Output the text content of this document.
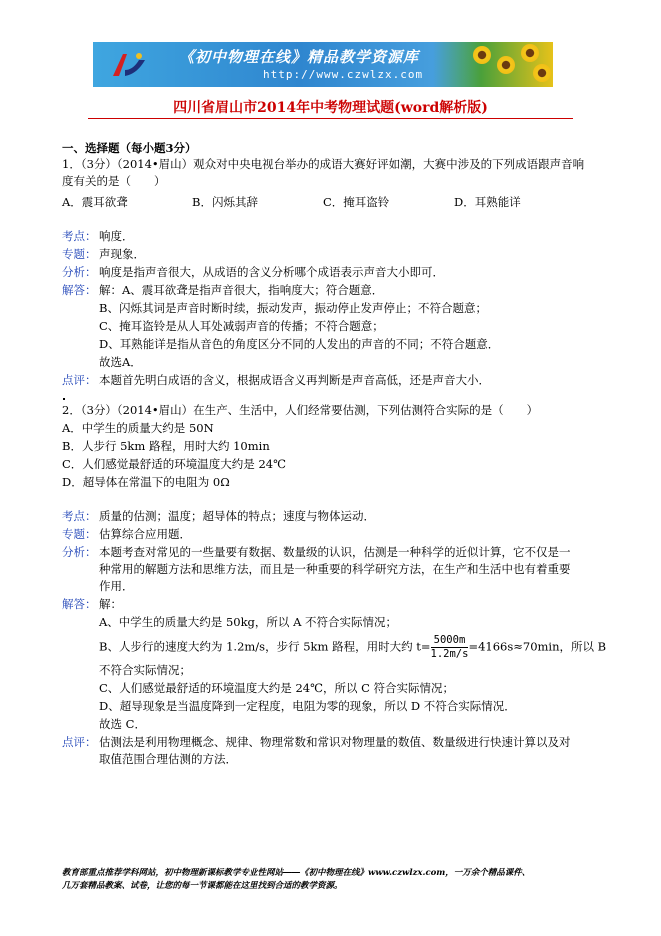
《初中物理在线》精品教学资源库
http://www.czwlzx.com
四川省眉山市2014年中考物理试题(word解析版)
一、选择题（每小题3分）
1．（3分）（2014•眉山）观众对中央电视台举办的成语大赛好评如潮，大赛中涉及的下列成语跟声音响
度有关的是（　　）
A．震耳欲聋	B．闪烁其辞	C．掩耳盗铃	D．耳熟能详
考点： 响度．
专题： 声现象．
分析： 响度是指声音很大，从成语的含义分析哪个成语表示声音大小即可．
解答： 解：A、震耳欲聋是指声音很大，指响度大；符合题意．
B、闪烁其词是声音时断时续，振动发声，振动停止发声停止；不符合题意；
C、掩耳盗铃是从人耳处减弱声音的传播；不符合题意；
D、耳熟能详是指从音色的角度区分不同的人发出的声音的不同；不符合题意．
故选A．
点评： 本题首先明白成语的含义，根据成语含义再判断是声音高低，还是声音大小．
2．（3分）（2014•眉山）在生产、生活中，人们经常要估测，下列估测符合实际的是（　　）
A．中学生的质量大约是 50N
B．人步行 5km 路程，用时大约 10min
C．人们感觉最舒适的环境温度大约是 24℃
D．超导体在常温下的电阻为 0Ω
考点： 质量的估测；温度；超导体的特点；速度与物体运动．
专题： 估算综合应用题．
分析： 本题考查对常见的一些量要有数据、数量级的认识，估测是一种科学的近似计算，它不仅是一
种常用的解题方法和思维方法，而且是一种重要的科学研究方法，在生产和生活中也有着重要
作用．
解答： 解：
A、中学生的质量大约是 50kg，所以 A 不符合实际情况；
B、人步行的速度大约为 1.2m/s，步行 5km 路程，用时大约 $t= \frac{5000m}{1.2m/s} =4166s\approx 70\min$，所以 B
不符合实际情况；
C、人们感觉最舒适的环境温度大约是 24℃，所以 C 符合实际情况；
D、超导现象是当温度降到一定程度，电阻为零的现象，所以 D 不符合实际情况．
故选 C．
点评： 估测法是利用物理概念、规律、物理常数和常识对物理量的数值、数量级进行快速计算以及对
取值范围合理估测的方法．
教育部重点推荐学科网站，初中物理新课标教学专业性网站――《初中物理在线》www.czwlzx.com，一万余个精品课件、
几万套精品教案、试卷，让您的每一节课都能在这里找到合适的教学资源。
